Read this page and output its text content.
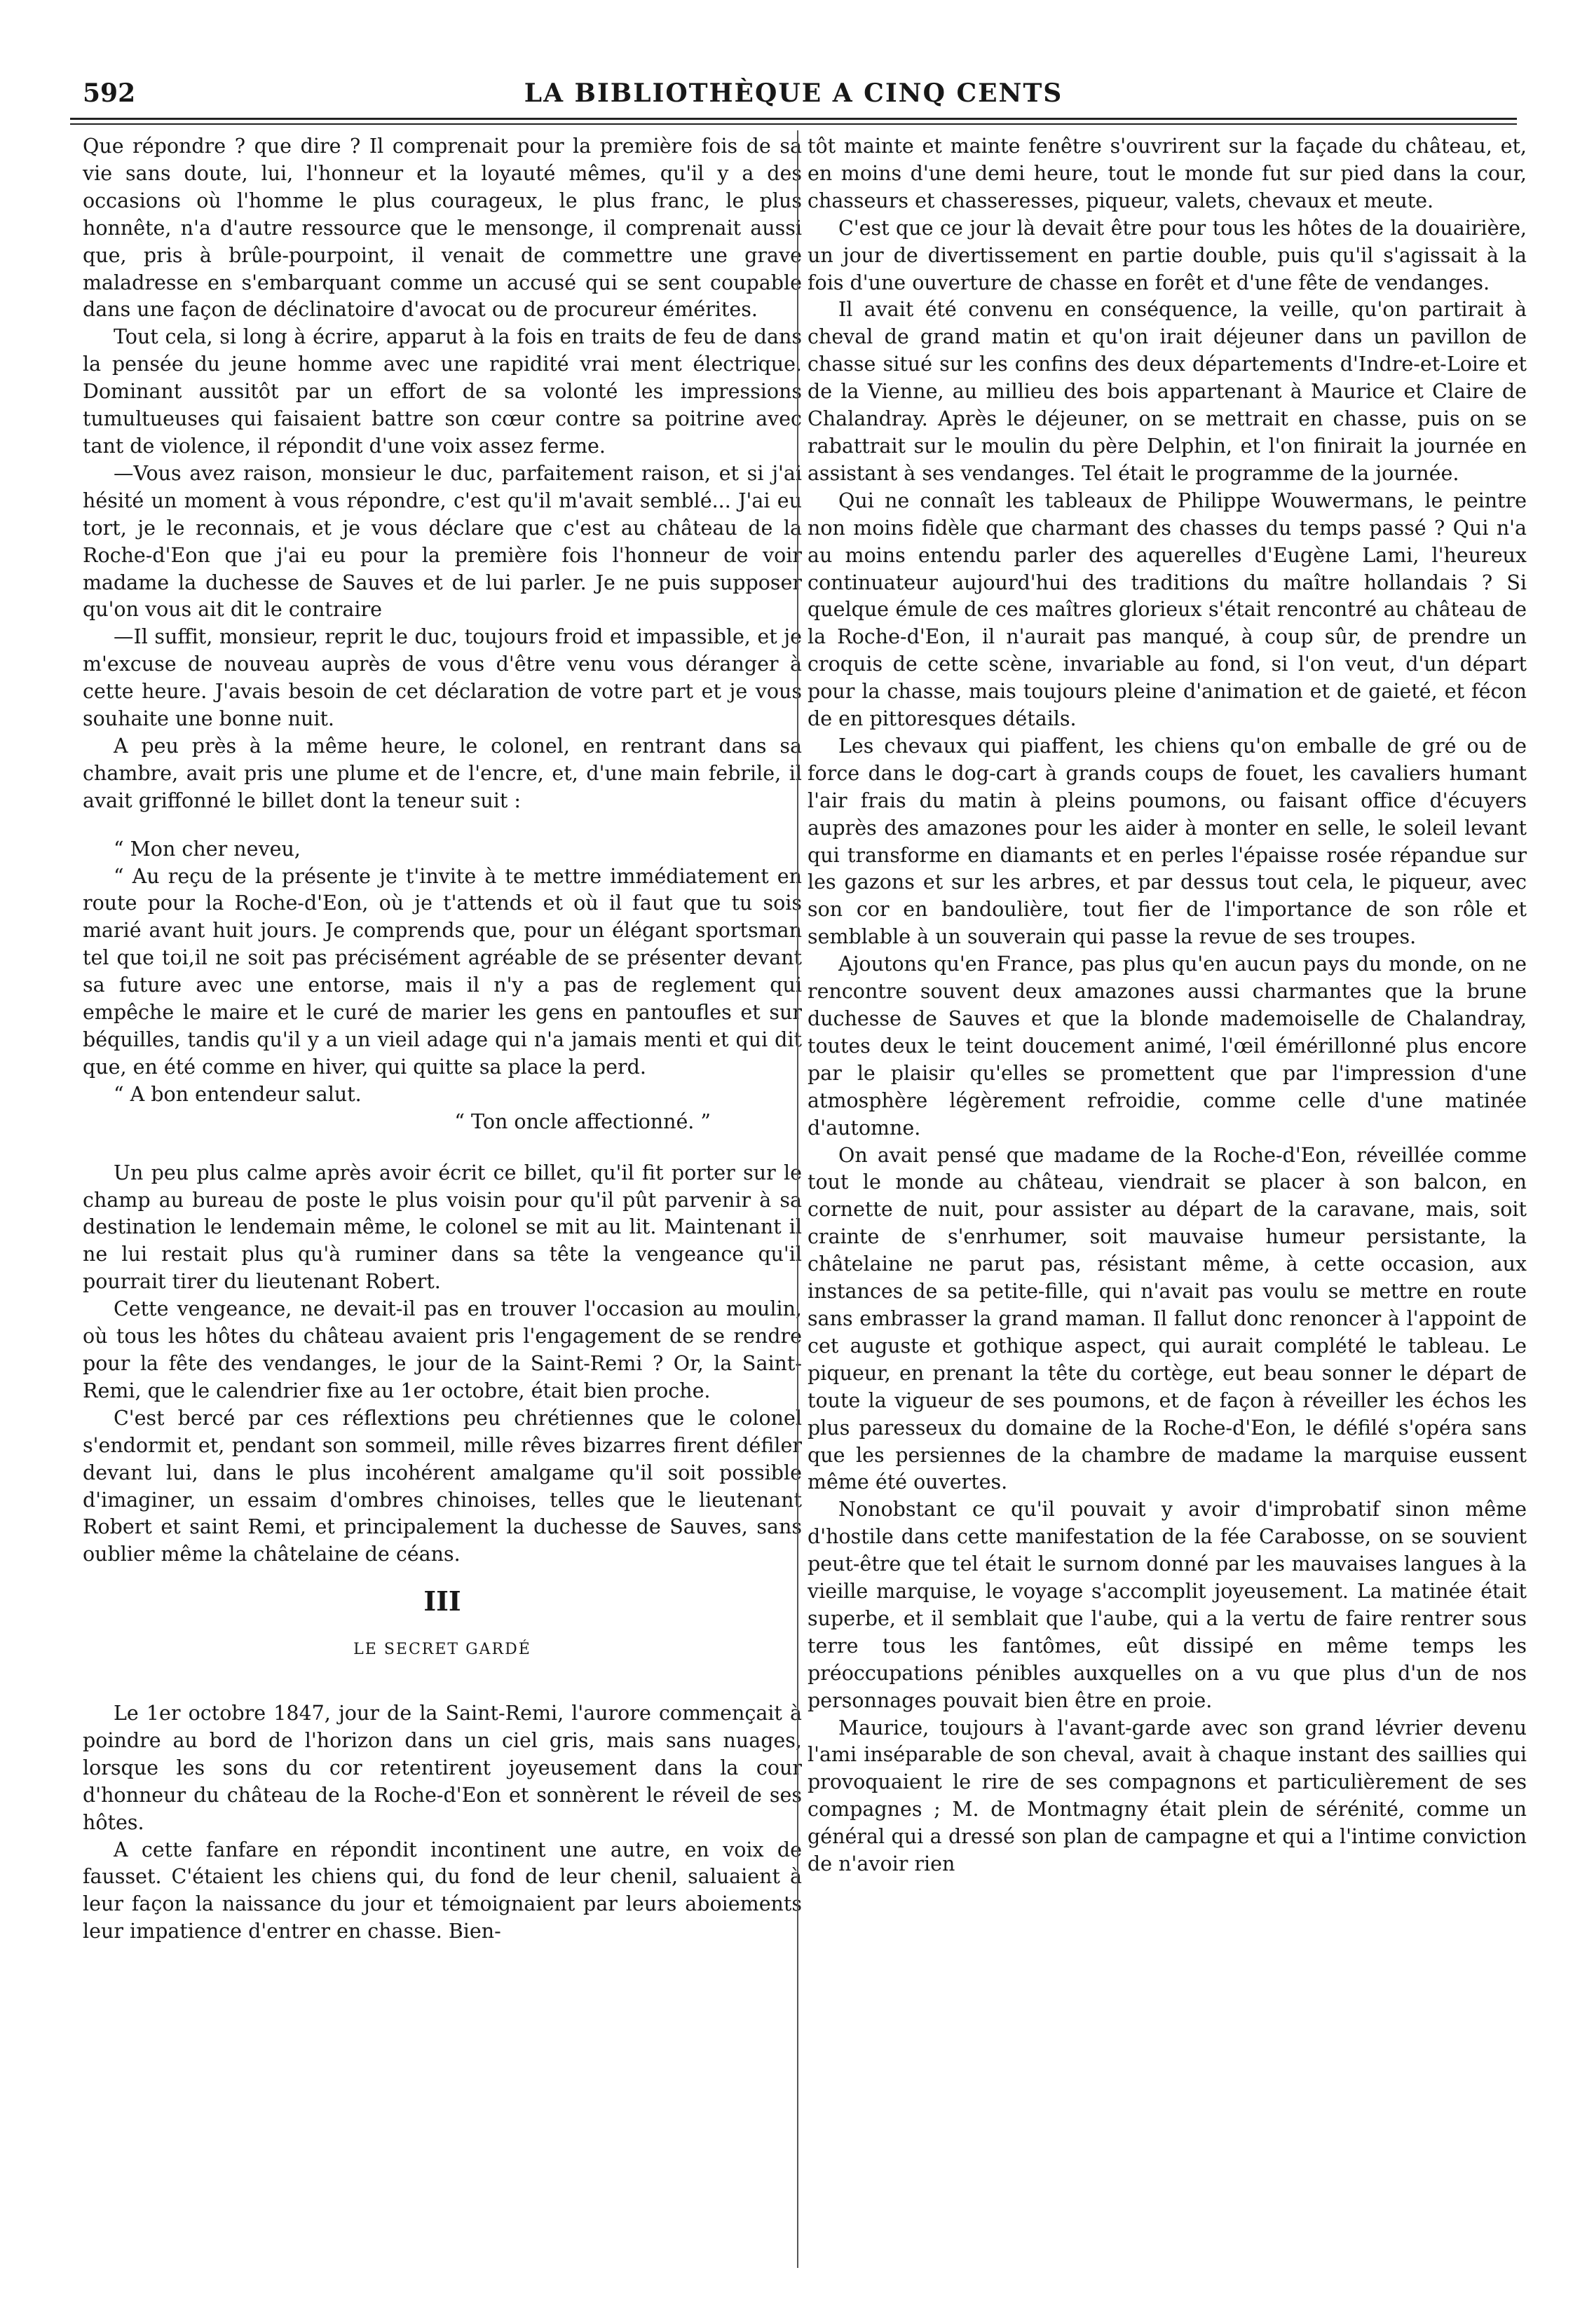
592	LA BIBLIOTHÈQUE A CINQ CENTS

Que répondre ? que dire ? Il comprenait pour la première fois de sa vie sans doute, lui, l'honneur et la loyauté mêmes, qu'il y a des occasions où l'homme le plus courageux, le plus franc, le plus honnête, n'a d'autre ressource que le mensonge, il comprenait aussi que, pris à brûle-pourpoint, il venait de commettre une grave maladresse en s'embarquant comme un accusé qui se sent coupable dans une façon de déclinatoire d'avocat ou de procureur émérites.

Tout cela, si long à écrire, apparut à la fois en traits de feu de dans la pensée du jeune homme avec une rapidité vrai ment électrique. Dominant aussitôt par un effort de sa volonté les impressions tumultueuses qui faisaient battre son cœur contre sa poitrine avec tant de violence, il répondit d'une voix assez ferme.

—Vous avez raison, monsieur le duc, parfaitement raison, et si j'ai hésité un moment à vous répondre, c'est qu'il m'avait semblé... J'ai eu tort, je le reconnais, et je vous déclare que c'est au château de la Roche-d'Eon que j'ai eu pour la première fois l'honneur de voir madame la duchesse de Sauves et de lui parler. Je ne puis supposer qu'on vous ait dit le contraire

—Il suffit, monsieur, reprit le duc, toujours froid et impassible, et je m'excuse de nouveau auprès de vous d'être venu vous déranger à cette heure. J'avais besoin de cet déclaration de votre part et je vous souhaite une bonne nuit.

A peu près à la même heure, le colonel, en rentrant dans sa chambre, avait pris une plume et de l'encre, et, d'une main febrile, il avait griffonné le billet dont la teneur suit :

“ Mon cher neveu,

“ Au reçu de la présente je t'invite à te mettre immédiatement en route pour la Roche-d'Eon, où je t'attends et où il faut que tu sois marié avant huit jours. Je comprends que, pour un élégant sportsman tel que toi,il ne soit pas précisément agréable de se présenter devant sa future avec une entorse, mais il n'y a pas de reglement qui empêche le maire et le curé de marier les gens en pantoufles et sur béquilles, tandis qu'il y a un vieil adage qui n'a jamais menti et qui dit que, en été comme en hiver, qui quitte sa place la perd.

“ A bon entendeur salut.

“ Ton oncle affectionné. ”

Un peu plus calme après avoir écrit ce billet, qu'il fit porter sur le champ au bureau de poste le plus voisin pour qu'il pût parvenir à sa destination le lendemain même, le colonel se mit au lit. Maintenant il ne lui restait plus qu'à ruminer dans sa tête la vengeance qu'il pourrait tirer du lieutenant Robert.

Cette vengeance, ne devait-il pas en trouver l'occasion au moulin, où tous les hôtes du château avaient pris l'engagement de se rendre pour la fête des vendanges, le jour de la Saint-Remi ? Or, la Saint-Remi, que le calendrier fixe au 1er octobre, était bien proche.

C'est bercé par ces réflextions peu chrétiennes que le colonel s'endormit et, pendant son sommeil, mille rêves bizarres firent défiler devant lui, dans le plus incohérent amalgame qu'il soit possible d'imaginer, un essaim d'ombres chinoises, telles que le lieutenant Robert et saint Remi, et principalement la duchesse de Sauves, sans oublier même la châtelaine de céans.

III
LE SECRET GARDÉ

Le 1er octobre 1847, jour de la Saint-Remi, l'aurore commençait à poindre au bord de l'horizon dans un ciel gris, mais sans nuages, lorsque les sons du cor retentirent joyeusement dans la cour d'honneur du château de la Roche-d'Eon et sonnèrent le réveil de ses hôtes.

A cette fanfare en répondit incontinent une autre, en voix de fausset. C'étaient les chiens qui, du fond de leur chenil, saluaient à leur façon la naissance du jour et témoignaient par leurs aboiements leur impatience d'entrer en chasse. Bien-

tôt mainte et mainte fenêtre s'ouvrirent sur la façade du château, et, en moins d'une demi heure, tout le monde fut sur pied dans la cour, chasseurs et chasseresses, piqueur, valets, chevaux et meute.

C'est que ce jour là devait être pour tous les hôtes de la douairière, un jour de divertissement en partie double, puis qu'il s'agissait à la fois d'une ouverture de chasse en forêt et d'une fête de vendanges.

Il avait été convenu en conséquence, la veille, qu'on partirait à cheval de grand matin et qu'on irait déjeuner dans un pavillon de chasse situé sur les confins des deux départements d'Indre-et-Loire et de la Vienne, au millieu des bois appartenant à Maurice et Claire de Chalandray. Après le déjeuner, on se mettrait en chasse, puis on se rabattrait sur le moulin du père Delphin, et l'on finirait la journée en assistant à ses vendanges. Tel était le programme de la journée.

Qui ne connaît les tableaux de Philippe Wouwermans, le peintre non moins fidèle que charmant des chasses du temps passé ? Qui n'a au moins entendu parler des aquerelles d'Eugène Lami, l'heureux continuateur aujourd'hui des traditions du maître hollandais ? Si quelque émule de ces maîtres glorieux s'était rencontré au château de la Roche-d'Eon, il n'aurait pas manqué, à coup sûr, de prendre un croquis de cette scène, invariable au fond, si l'on veut, d'un départ pour la chasse, mais toujours pleine d'animation et de gaieté, et fécon de en pittoresques détails.

Les chevaux qui piaffent, les chiens qu'on emballe de gré ou de force dans le dog-cart à grands coups de fouet, les cavaliers humant l'air frais du matin à pleins poumons, ou faisant office d'écuyers auprès des amazones pour les aider à monter en selle, le soleil levant qui transforme en diamants et en perles l'épaisse rosée répandue sur les gazons et sur les arbres, et par dessus tout cela, le piqueur, avec son cor en bandoulière, tout fier de l'importance de son rôle et semblable à un souverain qui passe la revue de ses troupes.

Ajoutons qu'en France, pas plus qu'en aucun pays du monde, on ne rencontre souvent deux amazones aussi charmantes que la brune duchesse de Sauves et que la blonde mademoiselle de Chalandray, toutes deux le teint doucement animé, l'œil émérillonné plus encore par le plaisir qu'elles se promettent que par l'impression d'une atmosphère légèrement refroidie, comme celle d'une matinée d'automne.

On avait pensé que madame de la Roche-d'Eon, réveillée comme tout le monde au château, viendrait se placer à son balcon, en cornette de nuit, pour assister au départ de la caravane, mais, soit crainte de s'enrhumer, soit mauvaise humeur persistante, la châtelaine ne parut pas, résistant même, à cette occasion, aux instances de sa petite-fille, qui n'avait pas voulu se mettre en route sans embrasser la grand maman. Il fallut donc renoncer à l'appoint de cet auguste et gothique aspect, qui aurait complété le tableau. Le piqueur, en prenant la tête du cortège, eut beau sonner le départ de toute la vigueur de ses poumons, et de façon à réveiller les échos les plus paresseux du domaine de la Roche-d'Eon, le défilé s'opéra sans que les persiennes de la chambre de madame la marquise eussent même été ouvertes.

Nonobstant ce qu'il pouvait y avoir d'improbatif sinon même d'hostile dans cette manifestation de la fée Carabosse, on se souvient peut-être que tel était le surnom donné par les mauvaises langues à la vieille marquise, le voyage s'accomplit joyeusement. La matinée était superbe, et il semblait que l'aube, qui a la vertu de faire rentrer sous terre tous les fantômes, eût dissipé en même temps les préoccupations pénibles auxquelles on a vu que plus d'un de nos personnages pouvait bien être en proie.

Maurice, toujours à l'avant-garde avec son grand lévrier devenu l'ami inséparable de son cheval, avait à chaque instant des saillies qui provoquaient le rire de ses compagnons et particulièrement de ses compagnes ; M. de Montmagny était plein de sérénité, comme un général qui a dressé son plan de campagne et qui a l'intime conviction de n'avoir rien
